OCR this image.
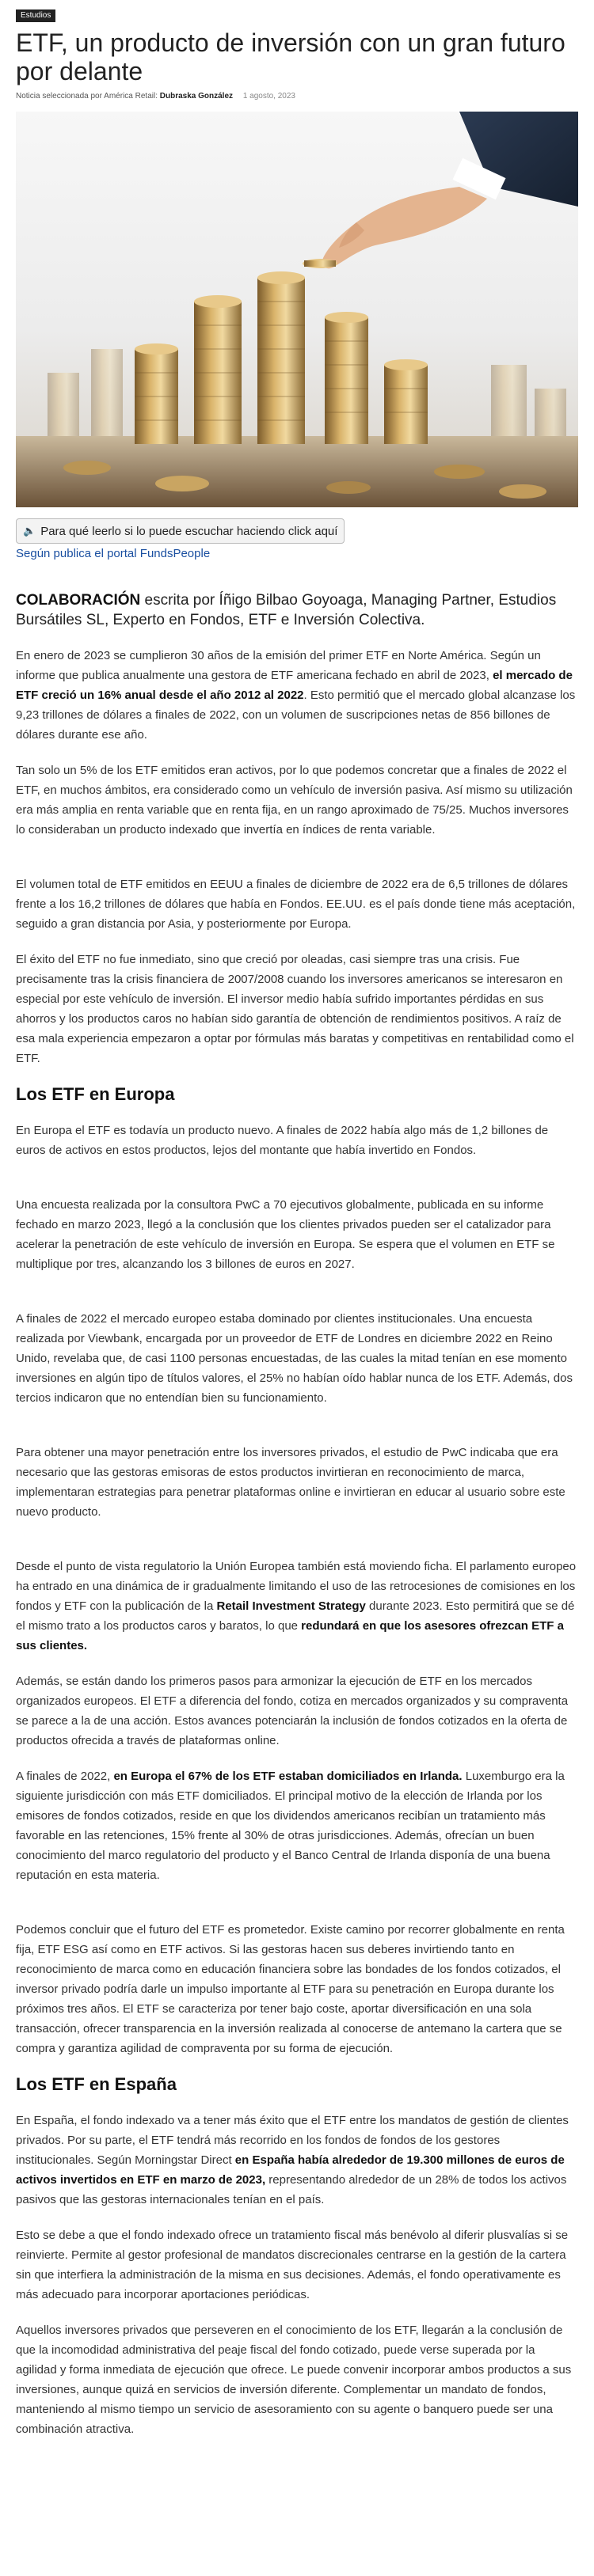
Estudios
ETF, un producto de inversión con un gran futuro por delante
Noticia seleccionada por América Retail: Dubraska González 1 agosto, 2023
🔈 Para qué leerlo si lo puede escuchar haciendo click aquí
Según publica el portal FundsPeople

COLABORACIÓN escrita por Íñigo Bilbao Goyoaga, Managing Partner, Estudios Bursátiles SL, Experto en Fondos, ETF e Inversión Colectiva.

En enero de 2023 se cumplieron 30 años de la emisión del primer ETF en Norte América. Según un informe que publica anualmente una gestora de ETF americana fechado en abril de 2023, el mercado de ETF creció un 16% anual desde el año 2012 al 2022. Esto permitió que el mercado global alcanzase los 9,23 trillones de dólares a finales de 2022, con un volumen de suscripciones netas de 856 billones de dólares durante ese año.

Tan solo un 5% de los ETF emitidos eran activos, por lo que podemos concretar que a finales de 2022 el ETF, en muchos ámbitos, era considerado como un vehículo de inversión pasiva. Así mismo su utilización era más amplia en renta variable que en renta fija, en un rango aproximado de 75/25. Muchos inversores lo consideraban un producto indexado que invertía en índices de renta variable.

El volumen total de ETF emitidos en EEUU a finales de diciembre de 2022 era de 6,5 trillones de dólares frente a los 16,2 trillones de dólares que había en Fondos. EE.UU. es el país donde tiene más aceptación, seguido a gran distancia por Asia, y posteriormente por Europa.

El éxito del ETF no fue inmediato, sino que creció por oleadas, casi siempre tras una crisis. Fue precisamente tras la crisis financiera de 2007/2008 cuando los inversores americanos se interesaron en especial por este vehículo de inversión. El inversor medio había sufrido importantes pérdidas en sus ahorros y los productos caros no habían sido garantía de obtención de rendimientos positivos. A raíz de esa mala experiencia empezaron a optar por fórmulas más baratas y competitivas en rentabilidad como el ETF.

Los ETF en Europa

En Europa el ETF es todavía un producto nuevo. A finales de 2022 había algo más de 1,2 billones de euros de activos en estos productos, lejos del montante que había invertido en Fondos.

Una encuesta realizada por la consultora PwC a 70 ejecutivos globalmente, publicada en su informe fechado en marzo 2023, llegó a la conclusión que los clientes privados pueden ser el catalizador para acelerar la penetración de este vehículo de inversión en Europa. Se espera que el volumen en ETF se multiplique por tres, alcanzando los 3 billones de euros en 2027.

A finales de 2022 el mercado europeo estaba dominado por clientes institucionales. Una encuesta realizada por Viewbank, encargada por un proveedor de ETF de Londres en diciembre 2022 en Reino Unido, revelaba que, de casi 1100 personas encuestadas, de las cuales la mitad tenían en ese momento inversiones en algún tipo de títulos valores, el 25% no habían oído hablar nunca de los ETF. Además, dos tercios indicaron que no entendían bien su funcionamiento.

Para obtener una mayor penetración entre los inversores privados, el estudio de PwC indicaba que era necesario que las gestoras emisoras de estos productos invirtieran en reconocimiento de marca, implementaran estrategias para penetrar plataformas online e invirtieran en educar al usuario sobre este nuevo producto.

Desde el punto de vista regulatorio la Unión Europea también está moviendo ficha. El parlamento europeo ha entrado en una dinámica de ir gradualmente limitando el uso de las retrocesiones de comisiones en los fondos y ETF con la publicación de la Retail Investment Strategy durante 2023. Esto permitirá que se dé el mismo trato a los productos caros y baratos, lo que redundará en que los asesores ofrezcan ETF a sus clientes.

Además, se están dando los primeros pasos para armonizar la ejecución de ETF en los mercados organizados europeos. El ETF a diferencia del fondo, cotiza en mercados organizados y su compraventa se parece a la de una acción. Estos avances potenciarán la inclusión de fondos cotizados en la oferta de productos ofrecida a través de plataformas online.

A finales de 2022, en Europa el 67% de los ETF estaban domiciliados en Irlanda. Luxemburgo era la siguiente jurisdicción con más ETF domiciliados. El principal motivo de la elección de Irlanda por los emisores de fondos cotizados, reside en que los dividendos americanos recibían un tratamiento más favorable en las retenciones, 15% frente al 30% de otras jurisdicciones. Además, ofrecían un buen conocimiento del marco regulatorio del producto y el Banco Central de Irlanda disponía de una buena reputación en esta materia.

Podemos concluir que el futuro del ETF es prometedor. Existe camino por recorrer globalmente en renta fija, ETF ESG así como en ETF activos. Si las gestoras hacen sus deberes invirtiendo tanto en reconocimiento de marca como en educación financiera sobre las bondades de los fondos cotizados, el inversor privado podría darle un impulso importante al ETF para su penetración en Europa durante los próximos tres años. El ETF se caracteriza por tener bajo coste, aportar diversificación en una sola transacción, ofrecer transparencia en la inversión realizada al conocerse de antemano la cartera que se compra y garantiza agilidad de compraventa por su forma de ejecución.

Los ETF en España

En España, el fondo indexado va a tener más éxito que el ETF entre los mandatos de gestión de clientes privados. Por su parte, el ETF tendrá más recorrido en los fondos de fondos de los gestores institucionales. Según Morningstar Direct en España había alrededor de 19.300 millones de euros de activos invertidos en ETF en marzo de 2023, representando alrededor de un 28% de todos los activos pasivos que las gestoras internacionales tenían en el país.

Esto se debe a que el fondo indexado ofrece un tratamiento fiscal más benévolo al diferir plusvalías si se reinvierte. Permite al gestor profesional de mandatos discrecionales centrarse en la gestión de la cartera sin que interfiera la administración de la misma en sus decisiones. Además, el fondo operativamente es más adecuado para incorporar aportaciones periódicas.

Aquellos inversores privados que perseveren en el conocimiento de los ETF, llegarán a la conclusión de que la incomodidad administrativa del peaje fiscal del fondo cotizado, puede verse superada por la agilidad y forma inmediata de ejecución que ofrece. Le puede convenir incorporar ambos productos a sus inversiones, aunque quizá en servicios de inversión diferente. Complementar un mandato de fondos, manteniendo al mismo tiempo un servicio de asesoramiento con su agente o banquero puede ser una combinación atractiva.
